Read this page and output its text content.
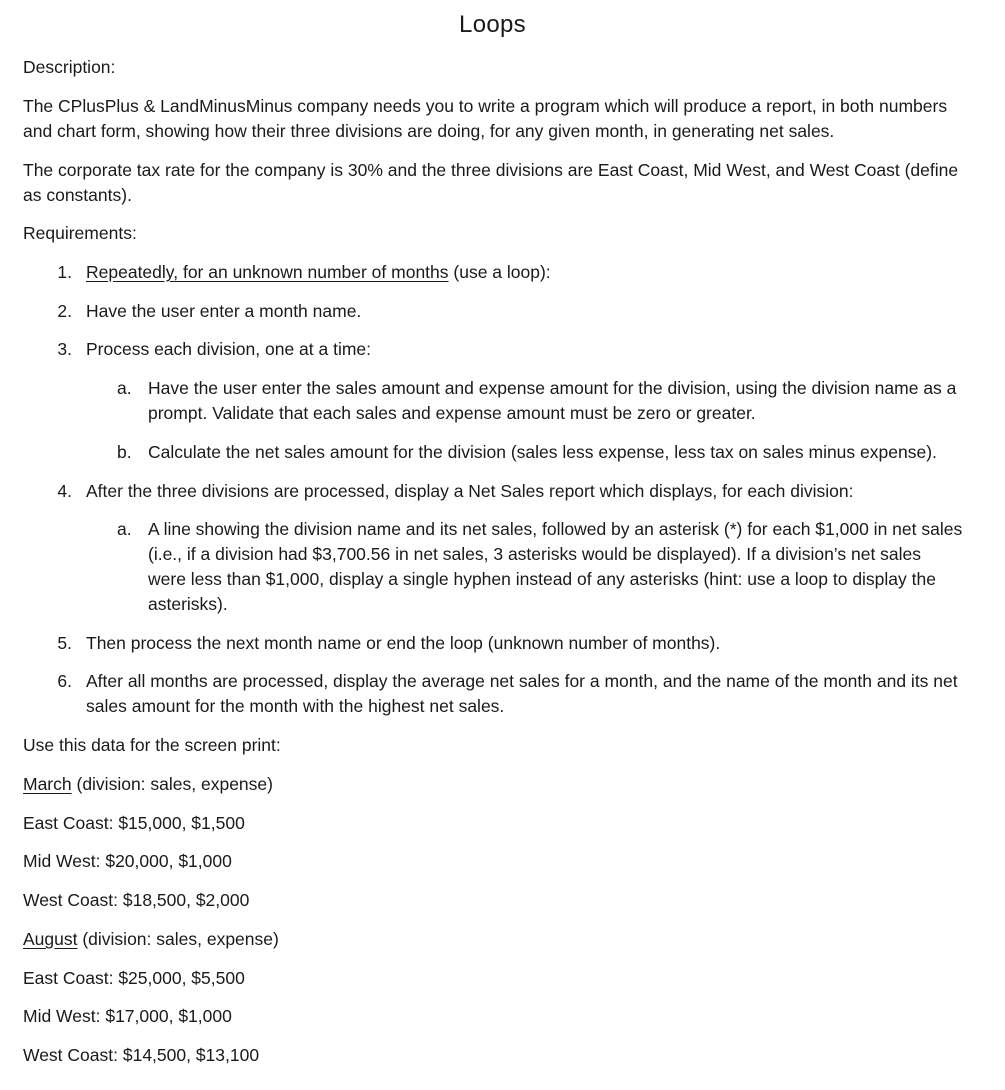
Loops
Description:
The CPlusPlus & LandMinusMinus company needs you to write a program which will produce a report, in both numbers and chart form, showing how their three divisions are doing, for any given month, in generating net sales.
The corporate tax rate for the company is 30% and the three divisions are East Coast, Mid West, and West Coast (define as constants).
Requirements:
1. Repeatedly, for an unknown number of months (use a loop):
2. Have the user enter a month name.
3. Process each division, one at a time:
a. Have the user enter the sales amount and expense amount for the division, using the division name as a prompt. Validate that each sales and expense amount must be zero or greater.
b. Calculate the net sales amount for the division (sales less expense, less tax on sales minus expense).
4. After the three divisions are processed, display a Net Sales report which displays, for each division:
a. A line showing the division name and its net sales, followed by an asterisk (*) for each $1,000 in net sales (i.e., if a division had $3,700.56 in net sales, 3 asterisks would be displayed). If a division’s net sales were less than $1,000, display a single hyphen instead of any asterisks (hint: use a loop to display the asterisks).
5. Then process the next month name or end the loop (unknown number of months).
6. After all months are processed, display the average net sales for a month, and the name of the month and its net sales amount for the month with the highest net sales.
Use this data for the screen print:
March (division: sales, expense)
East Coast: $15,000, $1,500
Mid West: $20,000, $1,000
West Coast: $18,500, $2,000
August (division: sales, expense)
East Coast: $25,000, $5,500
Mid West: $17,000, $1,000
West Coast: $14,500, $13,100
